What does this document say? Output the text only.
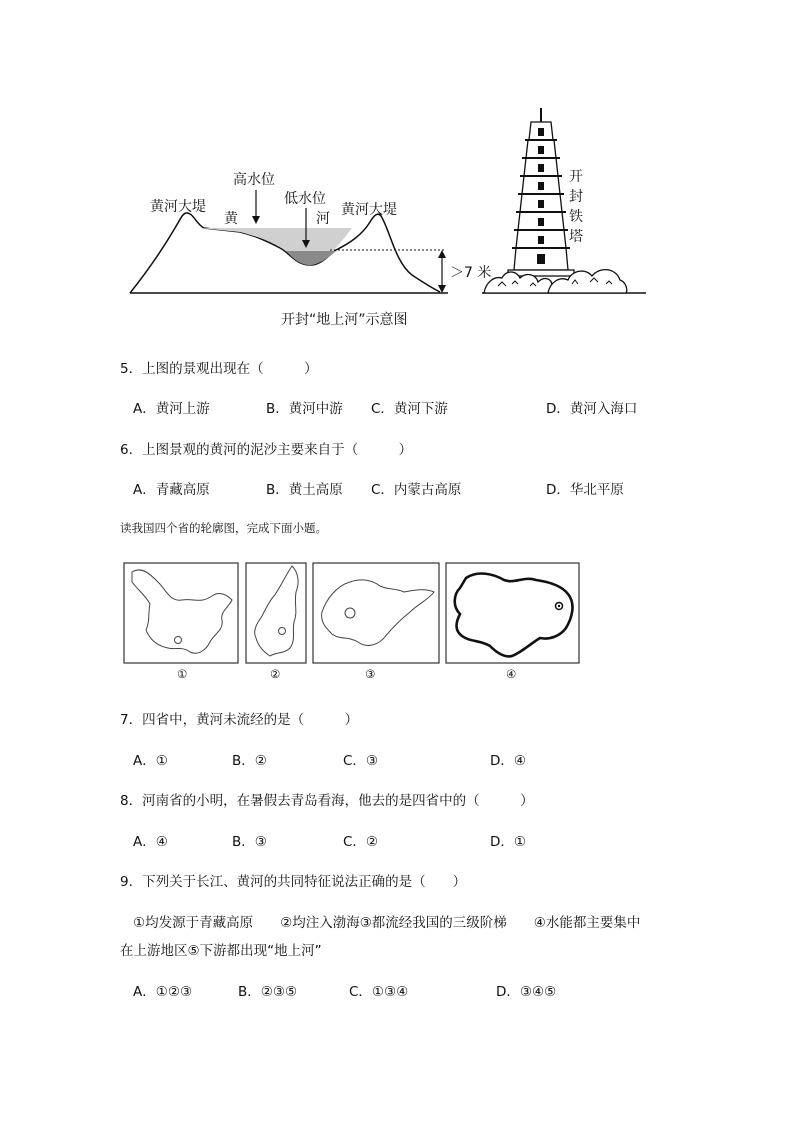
黄河大堤
高水位
黄
低水位
河
黄河大堤
＞7 米
开
封
铁
塔
开封“地上河”示意图
5．上图的景观出现在（　　　）
A．黄河上游	B．黄河中游 C．黄河下游	D．黄河入海口
6．上图景观的黄河的泥沙主要来自于（　　　）
A．青藏高原	B．黄土高原 C．内蒙古高原	D．华北平原
读我国四个省的轮廓图，完成下面小题。
①	②	③	④
7．四省中，黄河未流经的是（　　　）
A．①	B．②	C．③	D．④
8．河南省的小明，在暑假去青岛看海，他去的是四省中的（　　　）
A．④	B．③	C．②	D．①
9．下列关于长江、黄河的共同特征说法正确的是（　　）
①均发源于青藏高原　　②均注入渤海③都流经我国的三级阶梯　　④水能都主要集中
在上游地区⑤下游都出现“地上河”
A．①②③	B．②③⑤	C．①③④	D．③④⑤
